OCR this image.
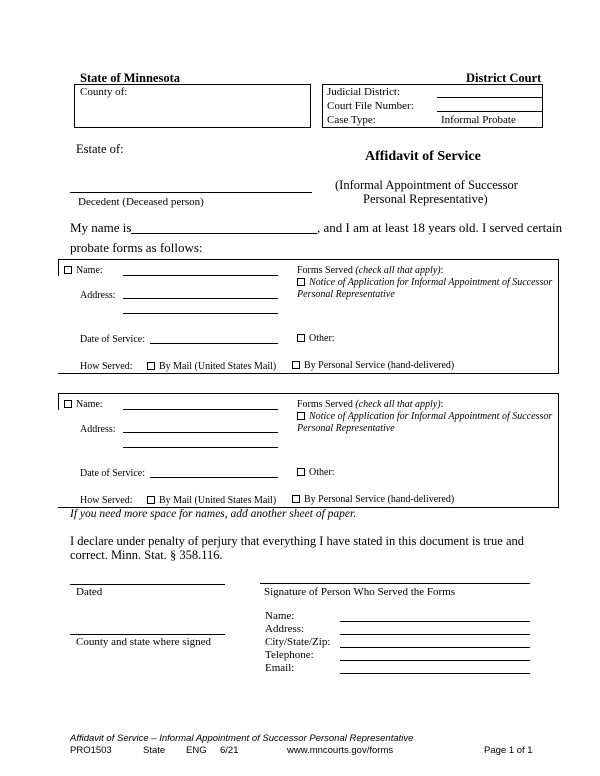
State of Minnesota	District Court
County of:	Judicial District:
Court File Number:
Case Type:	Informal Probate
Estate of:
Decedent (Deceased person)
Affidavit of Service
(Informal Appointment of Successor
Personal Representative)
My name is	, and I am at least 18 years old. I served certain
probate forms as follows:
Name:
Address:
Date of Service:
How Served:	By Mail (United States Mail)
Forms Served (check all that apply):
Notice of Application for Informal Appointment of Successor
Personal Representative
Other:
By Personal Service (hand-delivered)
Name:
Address:
Date of Service:
How Served:	By Mail (United States Mail)
Forms Served (check all that apply):
Notice of Application for Informal Appointment of Successor
Personal Representative
Other:
By Personal Service (hand-delivered)
If you need more space for names, add another sheet of paper.
I declare under penalty of perjury that everything I have stated in this document is true and
correct. Minn. Stat. § 358.116.
Dated
County and state where signed
Signature of Person Who Served the Forms
Name:
Address:
City/State/Zip:
Telephone:
Email:
Affidavit of Service – Informal Appointment of Successor Personal Representative
PRO1503	State ENG 6/21	www.mncourts.gov/forms	Page 1 of 1
